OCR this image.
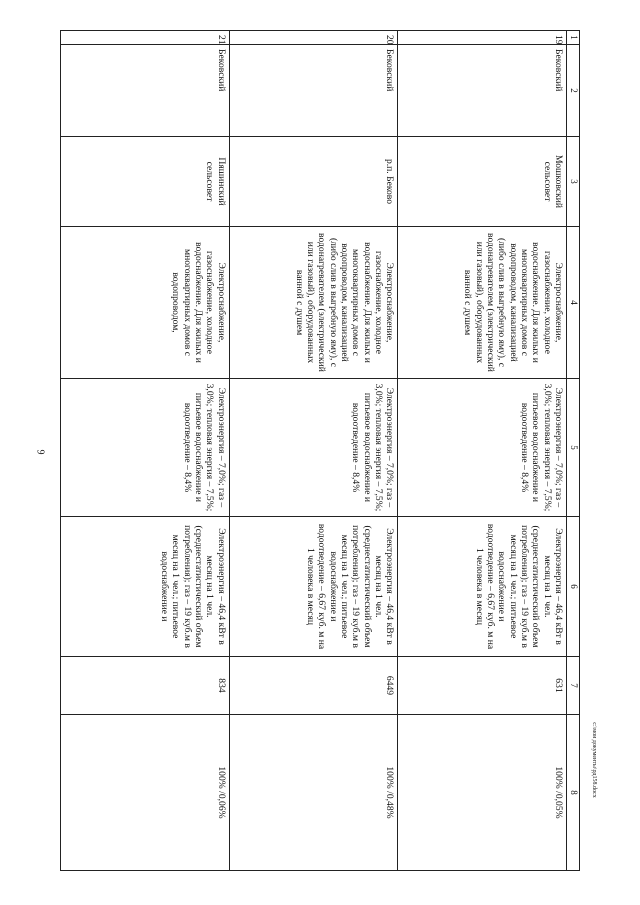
9
c:\мои документы\рд158.docx
1	2	3	4	5	6	7	8
19	Бековский	Мошковский сельсовет	Электроснабжение, газоснабжение, холодное водоснабжение. Для жилых и многоквартирных домов с водопроводом, канализацией (либо слив в выгребную яму), с водонагревателем (электрический или газовый), оборудованных ванной с душем	Электроэнергия – 7,0%; газ – 3,0%; тепловая энергия – 7,5%; питьевое водоснабжение и водоотведение – 8,4%	Электроэнергия – 46,4 кВт в месяц на 1 чел. (среднестатистический объем потребления); газ – 19 куб.м в месяц на 1 чел.; питьевое водоснабжение и водоотведение – 6,67 куб. м на 1 человека в месяц	631	100% /0,05%
20	Бековский	р.п. Беково	Электроснабжение, газоснабжение, холодное водоснабжение. Для жилых и многоквартирных домов с водопроводом, канализацией (либо слив в выгребную яму), с водонагревателем (электрический или газовый), оборудованных ванной с душем	Электроэнергия – 7,0%; газ – 3,0%; тепловая энергия – 7,5%; питьевое водоснабжение и водоотведение – 8,4%	Электроэнергия – 46,4 кВт в месяц на 1 чел. (среднестатистический объем потребления); газ – 19 куб.м в месяц на 1 чел.; питьевое водоснабжение и водоотведение – 6,67 куб. м на 1 человека в месяц	6449	100% /0,48%
21	Бековский	Пяшинский сельсовет	Электроснабжение, газоснабжение, холодное водоснабжение. Для жилых и многоквартирных домов с водопроводом,	Электроэнергия – 7,0%; газ – 3,0%; тепловая энергия – 7,5%; питьевое водоснабжение и водоотведение – 8,4%	Электроэнергия – 46,4 кВт в месяц на 1 чел. (среднестатистический объем потребления); газ – 19 куб.м в месяц на 1 чел.; питьевое водоснабжение и	834	100% /0,06%
